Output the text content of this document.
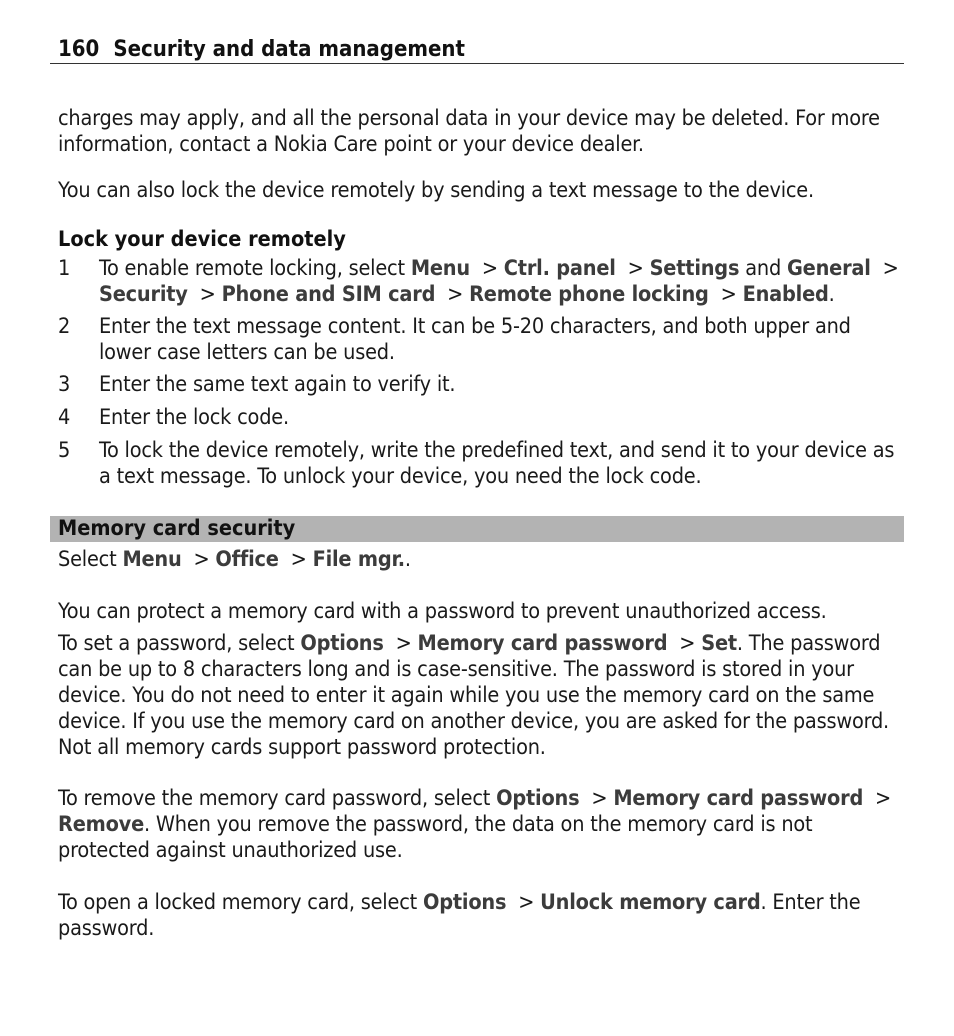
160 Security and data management
charges may apply, and all the personal data in your device may be deleted. For more information, contact a Nokia Care point or your device dealer.
You can also lock the device remotely by sending a text message to the device.
Lock your device remotely
1	To enable remote locking, select Menu > Ctrl. panel > Settings and General > Security > Phone and SIM card > Remote phone locking > Enabled.
2	Enter the text message content. It can be 5-20 characters, and both upper and lower case letters can be used.
3	Enter the same text again to verify it.
4	Enter the lock code.
5	To lock the device remotely, write the predefined text, and send it to your device as a text message. To unlock your device, you need the lock code.
Memory card security
Select Menu > Office > File mgr..
You can protect a memory card with a password to prevent unauthorized access.
To set a password, select Options > Memory card password > Set. The password can be up to 8 characters long and is case-sensitive. The password is stored in your device. You do not need to enter it again while you use the memory card on the same device. If you use the memory card on another device, you are asked for the password. Not all memory cards support password protection.
To remove the memory card password, select Options > Memory card password > Remove. When you remove the password, the data on the memory card is not protected against unauthorized use.
To open a locked memory card, select Options > Unlock memory card. Enter the password.
